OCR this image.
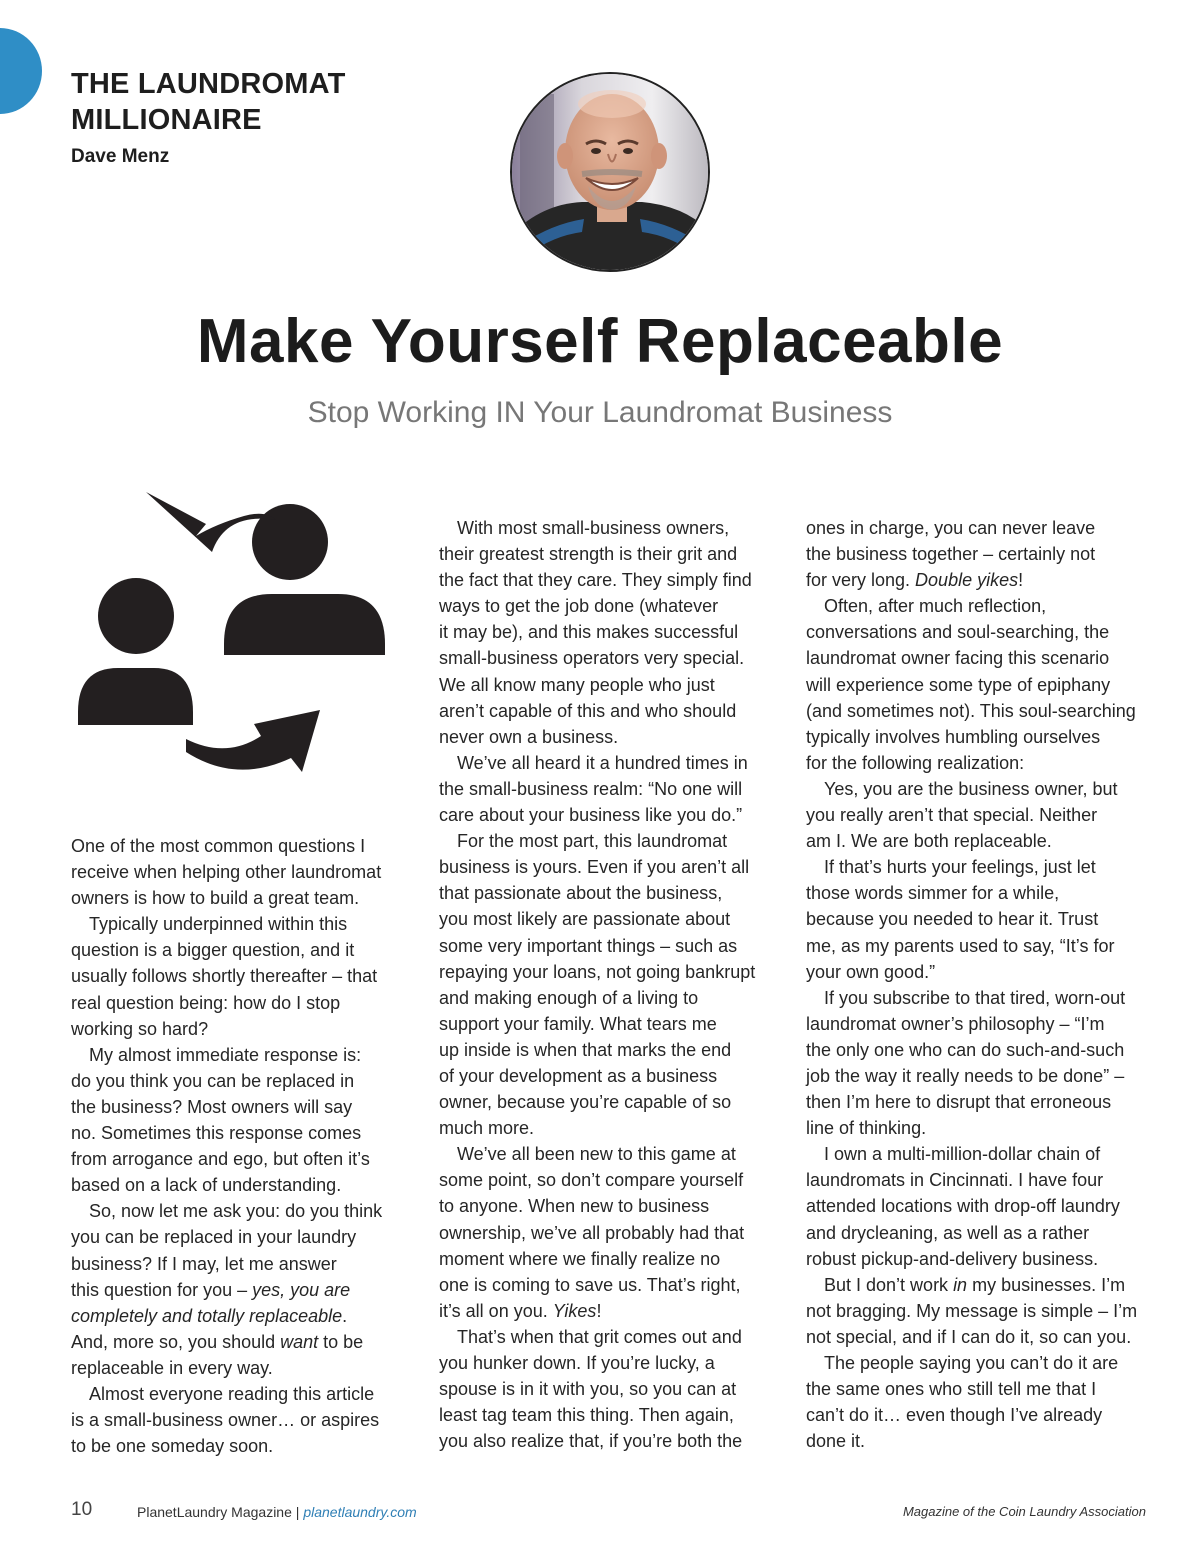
THE LAUNDROMAT
MILLIONAIRE
Dave Menz
Make Yourself Replaceable
Stop Working IN Your Laundromat Business

One of the most common questions I
receive when helping other laundromat
owners is how to build a great team.

Typically underpinned within this

question is a bigger question, and it
usually follows shortly thereafter – that
real question being: how do I stop
working so hard?

My almost immediate response is:

do you think you can be replaced in
the business? Most owners will say
no. Sometimes this response comes
from arrogance and ego, but often it’s
based on a lack of understanding.

So, now let me ask you: do you think

you can be replaced in your laundry
business? If I may, let me answer
this question for you – yes, you are
completely and totally replaceable.
And, more so, you should want to be
replaceable in every way.

Almost everyone reading this article

is a small-business owner… or aspires
to be one someday soon.

With most small-business owners,

their greatest strength is their grit and
the fact that they care. They simply find
ways to get the job done (whatever
it may be), and this makes successful
small-business operators very special.
We all know many people who just
aren’t capable of this and who should
never own a business.

We’ve all heard it a hundred times in

the small-business realm: “No one will
care about your business like you do.”

For the most part, this laundromat

business is yours. Even if you aren’t all
that passionate about the business,
you most likely are passionate about
some very important things – such as
repaying your loans, not going bankrupt
and making enough of a living to
support your family. What tears me
up inside is when that marks the end
of your development as a business
owner, because you’re capable of so
much more.

We’ve all been new to this game at

some point, so don’t compare yourself
to anyone. When new to business
ownership, we’ve all probably had that
moment where we finally realize no
one is coming to save us. That’s right,
it’s all on you. Yikes!

That’s when that grit comes out and

you hunker down. If you’re lucky, a
spouse is in it with you, so you can at
least tag team this thing. Then again,
you also realize that, if you’re both the

ones in charge, you can never leave
the business together – certainly not
for very long. Double yikes!

Often, after much reflection,

conversations and soul-searching, the
laundromat owner facing this scenario
will experience some type of epiphany
(and sometimes not). This soul-searching
typically involves humbling ourselves
for the following realization:

Yes, you are the business owner, but

you really aren’t that special. Neither
am I. We are both replaceable.

If that’s hurts your feelings, just let

those words simmer for a while,
because you needed to hear it. Trust
me, as my parents used to say, “It’s for
your own good.”

If you subscribe to that tired, worn-out

laundromat owner’s philosophy – “I’m
the only one who can do such-and-such
job the way it really needs to be done” –
then I’m here to disrupt that erroneous
line of thinking.

I own a multi-million-dollar chain of

laundromats in Cincinnati. I have four
attended locations with drop-off laundry
and drycleaning, as well as a rather
robust pickup-and-delivery business.

But I don’t work in my businesses. I’m

not bragging. My message is simple – I’m
not special, and if I can do it, so can you.

The people saying you can’t do it are

the same ones who still tell me that I
can’t do it… even though I’ve already
done it.

10	PlanetLaundry Magazine | planetlaundry.com	Magazine of the Coin Laundry Association
